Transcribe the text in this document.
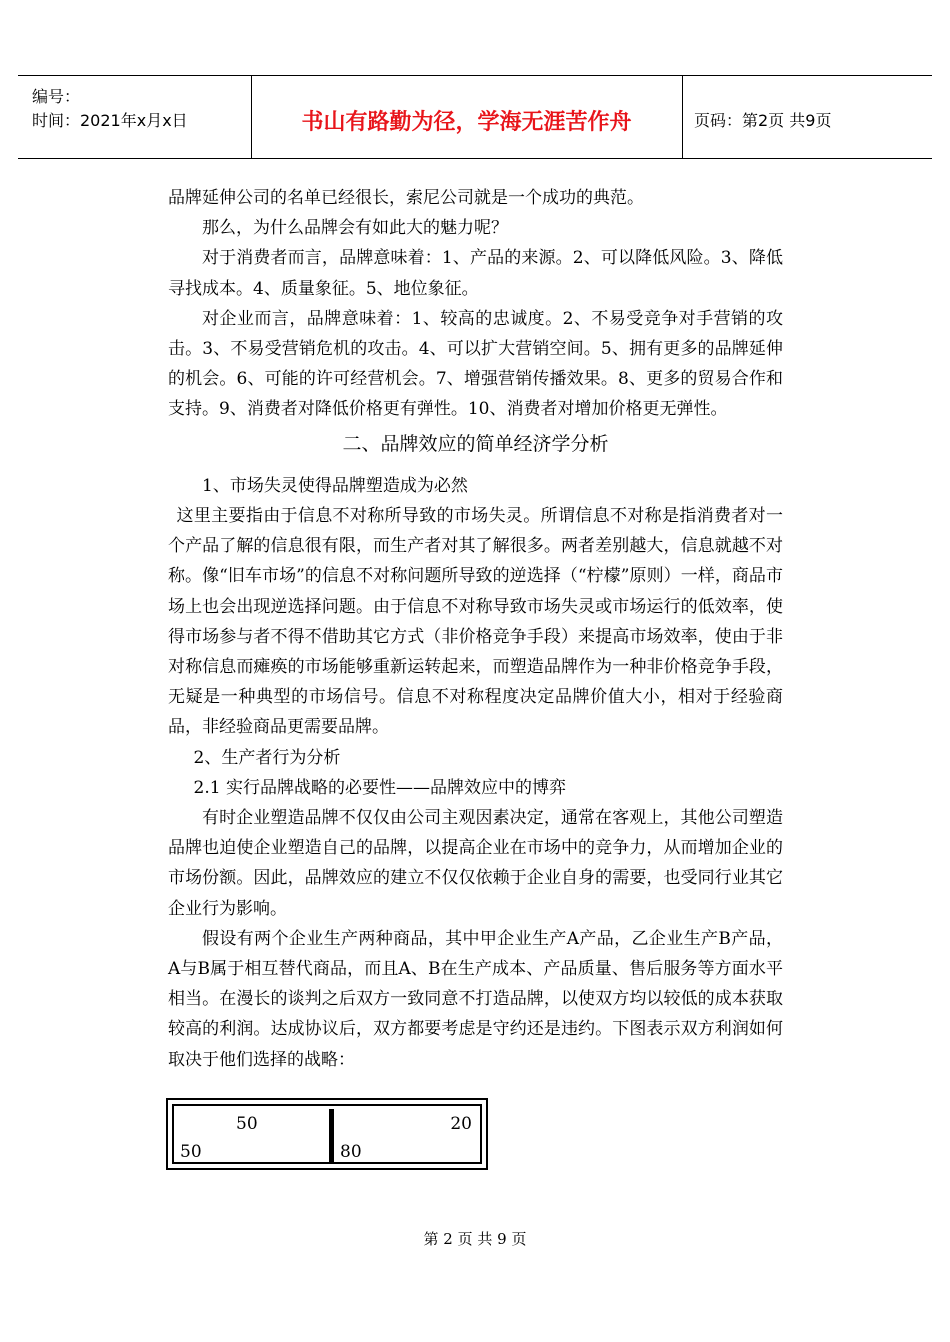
编号：
时间：2021年x月x日	书山有路勤为径，学海无涯苦作舟	页码：第2页 共9页

品牌延伸公司的名单已经很长，索尼公司就是一个成功的典范。

那么，为什么品牌会有如此大的魅力呢？

对于消费者而言，品牌意味着：1、产品的来源。2、可以降低风险。3、降低寻找成本。4、质量象征。5、地位象征。

对企业而言，品牌意味着：1、较高的忠诚度。2、不易受竞争对手营销的攻击。3、不易受营销危机的攻击。4、可以扩大营销空间。5、拥有更多的品牌延伸的机会。6、可能的许可经营机会。7、增强营销传播效果。8、更多的贸易合作和支持。9、消费者对降低价格更有弹性。10、消费者对增加价格更无弹性。

二、品牌效应的简单经济学分析

1、市场失灵使得品牌塑造成为必然

这里主要指由于信息不对称所导致的市场失灵。所谓信息不对称是指消费者对一个产品了解的信息很有限，而生产者对其了解很多。两者差别越大，信息就越不对称。像“旧车市场”的信息不对称问题所导致的逆选择（“柠檬”原则）一样，商品市场上也会出现逆选择问题。由于信息不对称导致市场失灵或市场运行的低效率，使得市场参与者不得不借助其它方式（非价格竞争手段）来提高市场效率，使由于非对称信息而瘫痪的市场能够重新运转起来，而塑造品牌作为一种非价格竞争手段，无疑是一种典型的市场信号。信息不对称程度决定品牌价值大小，相对于经验商品，非经验商品更需要品牌。

2、生产者行为分析

2.1 实行品牌战略的必要性——品牌效应中的博弈

有时企业塑造品牌不仅仅由公司主观因素决定，通常在客观上，其他公司塑造品牌也迫使企业塑造自己的品牌，以提高企业在市场中的竞争力，从而增加企业的市场份额。因此，品牌效应的建立不仅仅依赖于企业自身的需要，也受同行业其它企业行为影响。

假设有两个企业生产两种商品，其中甲企业生产A产品，乙企业生产B产品，A与B属于相互替代商品，而且A、B在生产成本、产品质量、售后服务等方面水平相当。在漫长的谈判之后双方一致同意不打造品牌，以使双方均以较低的成本获取较高的利润。达成协议后，双方都要考虑是守约还是违约。下图表示双方利润如何取决于他们选择的战略：

50
50
20
80
第 2 页 共 9 页
